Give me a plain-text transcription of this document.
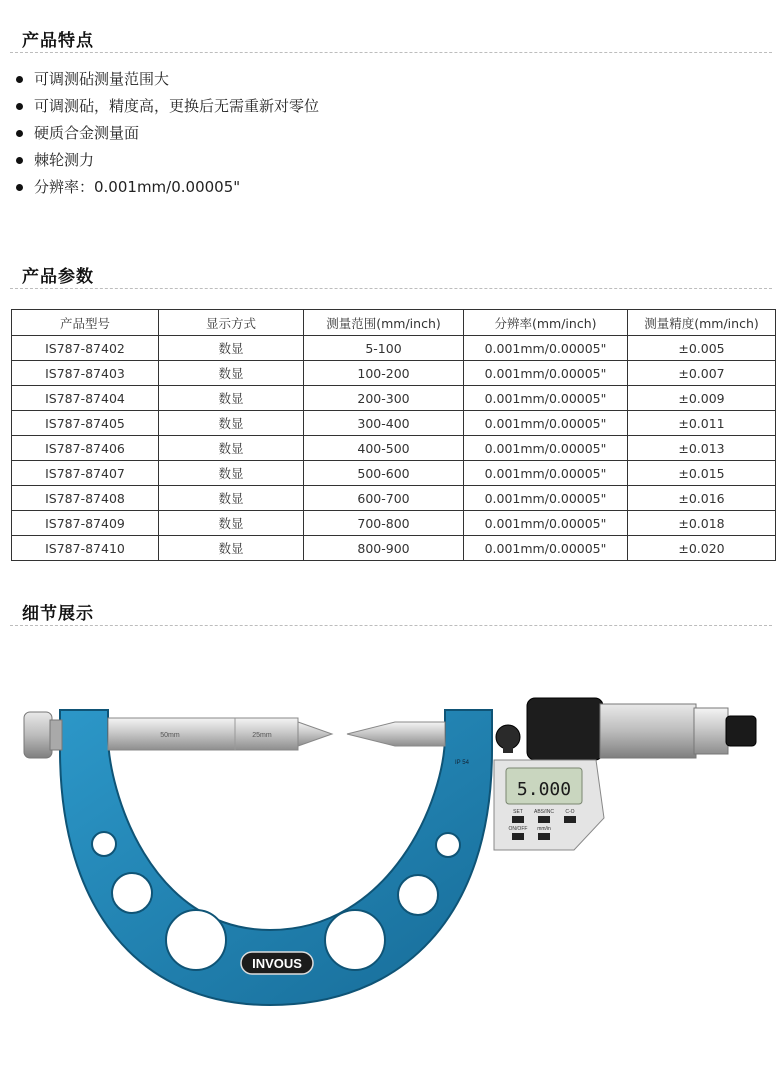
产品特点
可调测砧测量范围大
可调测砧，精度高，更换后无需重新对零位
硬质合金测量面
棘轮测力
分辨率：0.001mm/0.00005"
产品参数
产品型号	显示方式	测量范围(mm/inch)	分辨率(mm/inch)	测量精度(mm/inch)
IS787-87402	数显	5-100	0.001mm/0.00005"	±0.005
IS787-87403	数显	100-200	0.001mm/0.00005"	±0.007
IS787-87404	数显	200-300	0.001mm/0.00005"	±0.009
IS787-87405	数显	300-400	0.001mm/0.00005"	±0.011
IS787-87406	数显	400-500	0.001mm/0.00005"	±0.013
IS787-87407	数显	500-600	0.001mm/0.00005"	±0.015
IS787-87408	数显	600-700	0.001mm/0.00005"	±0.016
IS787-87409	数显	700-800	0.001mm/0.00005"	±0.018
IS787-87410	数显	800-900	0.001mm/0.00005"	±0.020
细节展示
INVOUS
50mm	25mm
IP 54
5.000
SET ABS/INC C-O
ON/OFF mm/in
